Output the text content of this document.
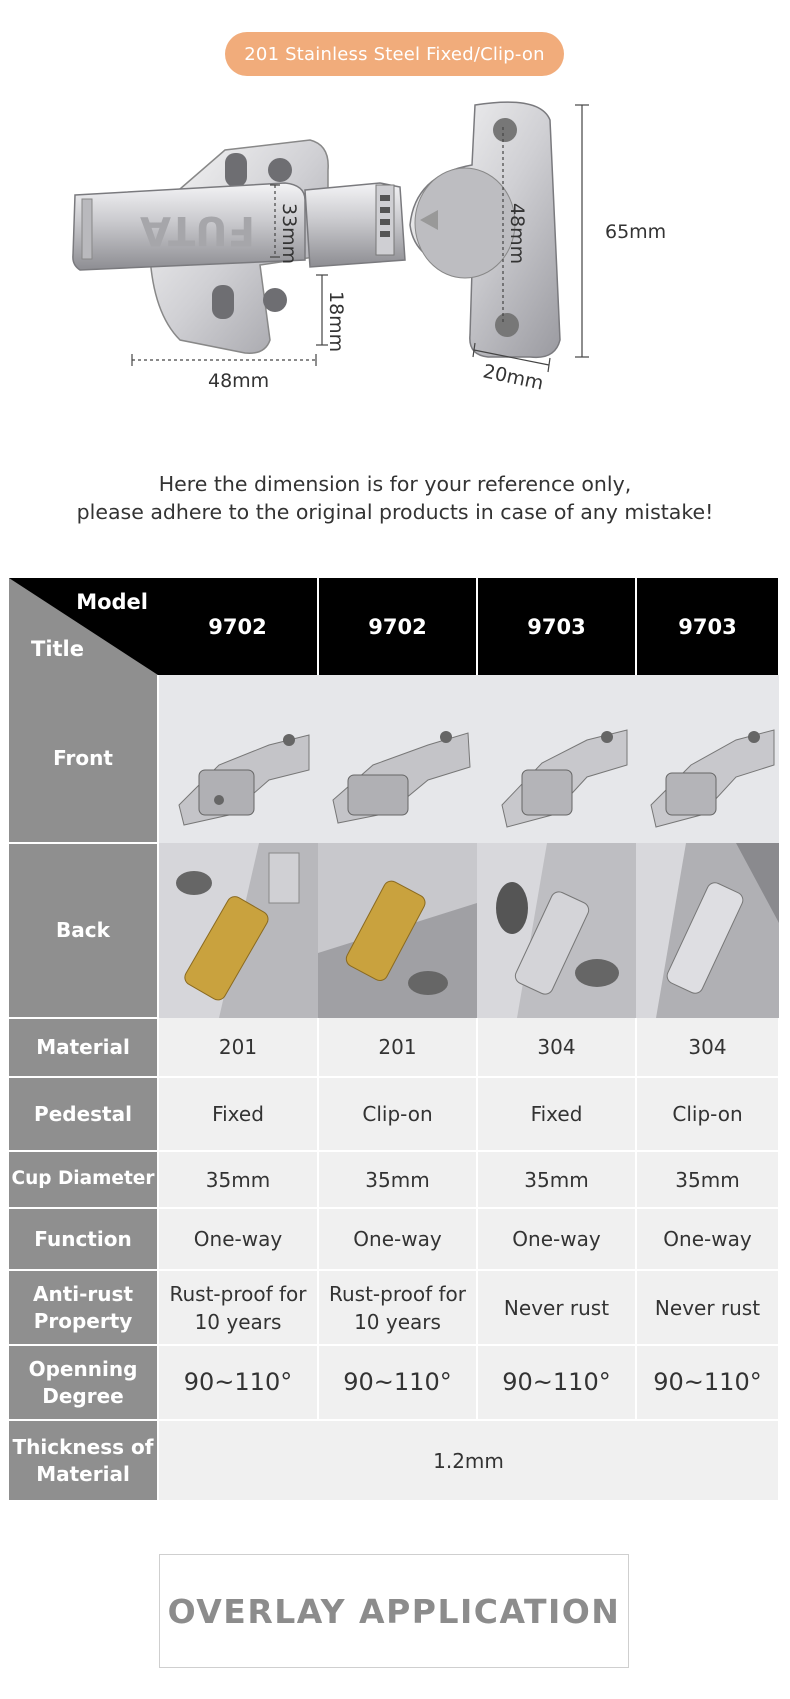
201 Stainless Steel Fixed/Clip-on
FUTA 33mm	48mm	65mm
18mm
48mm	20mm
Here the dimension is for your reference only,
please adhere to the original products in case of any mistake!
Model
Title	9702	9702	9703	9703
Front	

Back	

Material	201	201	304	304
Pedestal	Fixed	Clip-on	Fixed	Clip-on
Cup Diameter	35mm	35mm	35mm	35mm
Function	One-way	One-way	One-way	One-way

Anti-rust
Property	Rust-proof for 10 years	Rust-proof for 10 years	Never rust	Never rust

Openning
Degree	90~110°	90~110°	90~110°	90~110°

Thickness of
Material	1.2mm			
OVERLAY APPLICATION
